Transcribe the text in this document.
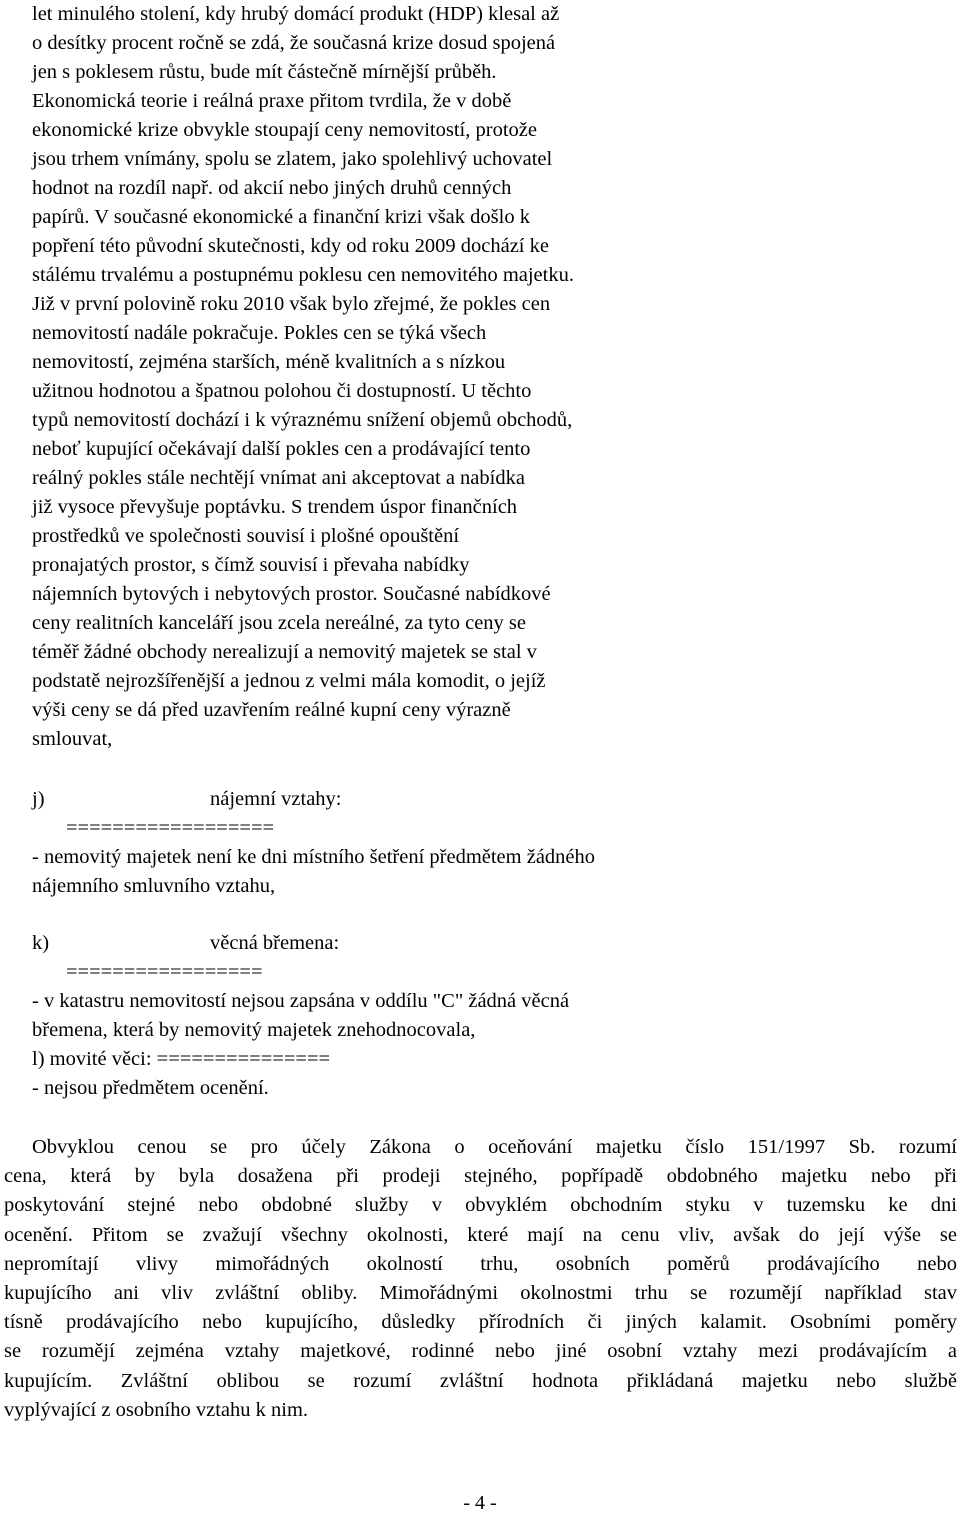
let minulého stolení, kdy hrubý domácí produkt (HDP) klesal až
o desítky procent ročně se zdá, že současná krize dosud spojená
jen s poklesem růstu, bude mít částečně mírnější průběh.
Ekonomická teorie i reálná praxe přitom tvrdila, že v době
ekonomické krize obvykle stoupají ceny nemovitostí, protože
jsou trhem vnímány, spolu se zlatem, jako spolehlivý uchovatel
hodnot na rozdíl např. od akcií nebo jiných druhů cenných
papírů. V současné ekonomické a finanční krizi však došlo k
popření této původní skutečnosti, kdy od roku 2009 dochází ke
stálému trvalému a postupnému poklesu cen nemovitého majetku.
Již v první polovině roku 2010 však bylo zřejmé, že pokles cen
nemovitostí nadále pokračuje. Pokles cen se týká všech
nemovitostí, zejména starších, méně kvalitních a s nízkou
užitnou hodnotou a špatnou polohou či dostupností. U těchto
typů nemovitostí dochází i k výraznému snížení objemů obchodů,
neboť kupující očekávají další pokles cen a prodávající tento
reálný pokles stále nechtějí vnímat ani akceptovat a nabídka
již vysoce převyšuje poptávku. S trendem úspor finančních
prostředků ve společnosti souvisí i plošné opouštění
pronajatých prostor, s čímž souvisí i převaha nabídky
nájemních bytových i nebytových prostor. Současné nabídkové
ceny realitních kanceláří jsou zcela nereálné, za tyto ceny se
téměř žádné obchody nerealizují a nemovitý majetek se stal v
podstatě nejrozšířenější a jednou z velmi mála komodit, o jejíž
výši ceny se dá před uzavřením reálné kupní ceny výrazně
smlouvat,
j)	nájemní vztahy:
==================
- nemovitý majetek není ke dni místního šetření předmětem žádného
nájemního smluvního vztahu,
k)	věcná břemena:
=================
- v katastru nemovitostí nejsou zapsána v oddílu "C" žádná věcná
břemena, která by nemovitý majetek znehodnocovala,
l) movité věci: ===============
- nejsou předmětem ocenění.
Obvyklou cenou se pro účely Zákona o oceňování majetku číslo 151/1997 Sb. rozumí
cena, která by byla dosažena při prodeji stejného, popřípadě obdobného majetku nebo při
poskytování stejné nebo obdobné služby v obvyklém obchodním styku v tuzemsku ke dni
ocenění. Přitom se zvažují všechny okolnosti, které mají na cenu vliv, avšak do její výše se
nepromítají vlivy mimořádných okolností trhu, osobních poměrů prodávajícího nebo
kupujícího ani vliv zvláštní obliby. Mimořádnými okolnostmi trhu se rozumějí například stav
tísně prodávajícího nebo kupujícího, důsledky přírodních či jiných kalamit. Osobními poměry
se rozumějí zejména vztahy majetkové, rodinné nebo jiné osobní vztahy mezi prodávajícím a
kupujícím. Zvláštní oblibou se rozumí zvláštní hodnota přikládaná majetku nebo službě
vyplývající z osobního vztahu k nim.
- 4 -
